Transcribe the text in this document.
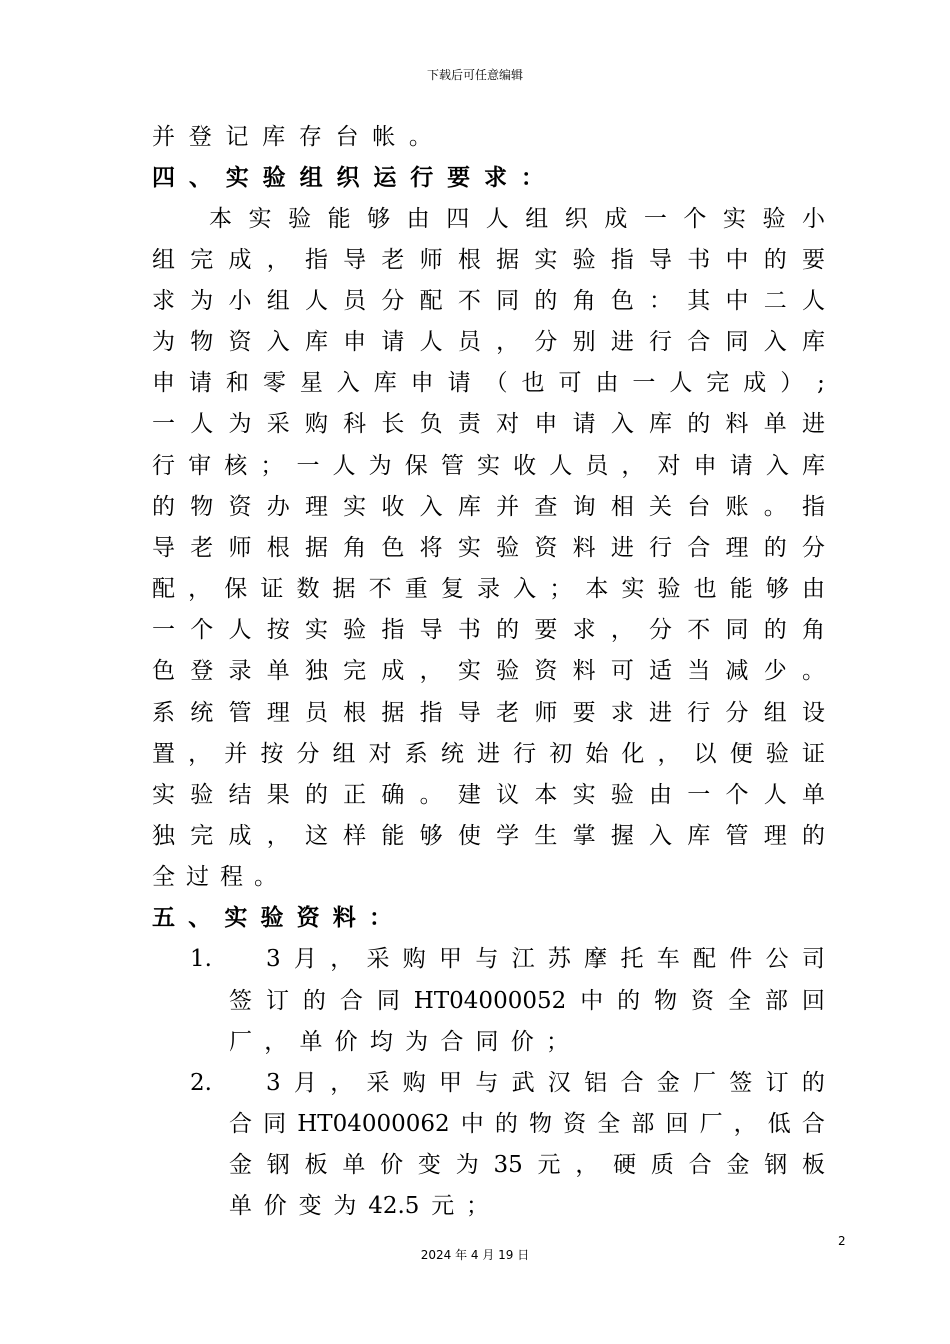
下载后可任意编辑
并 登 记 库 存 台 帐 。
四 、 实 验 组 织 运 行 要 求 ：
本 实 验 能 够 由 四 人 组 织 成 一 个 实 验 小
组 完 成 ， 指 导 老 师 根 据 实 验 指 导 书 中 的 要
求 为 小 组 人 员 分 配 不 同 的 角 色 ： 其 中 二 人
为 物 资 入 库 申 请 人 员 ， 分 别 进 行 合 同 入 库
申 请 和 零 星 入 库 申 请 （ 也 可 由 一 人 完 成 ） ;
一 人 为 采 购 科 长 负 责 对 申 请 入 库 的 料 单 进
行 审 核 ； 一 人 为 保 管 实 收 人 员 ， 对 申 请 入 库
的 物 资 办 理 实 收 入 库 并 查 询 相 关 台 账 。 指
导 老 师 根 据 角 色 将 实 验 资 料 进 行 合 理 的 分
配 ， 保 证 数 据 不 重 复 录 入 ； 本 实 验 也 能 够 由
一 个 人 按 实 验 指 导 书 的 要 求 ， 分 不 同 的 角
色 登 录 单 独 完 成 ， 实 验 资 料 可 适 当 减 少 。
系 统 管 理 员 根 据 指 导 老 师 要 求 进 行 分 组 设
置 ， 并 按 分 组 对 系 统 进 行 初 始 化 ， 以 便 验 证
实 验 结 果 的 正 确 。 建 议 本 实 验 由 一 个 人 单
独 完 成 ， 这 样 能 够 使 学 生 掌 握 入 库 管 理 的
全 过 程 。
五 、 实 验 资 料 ：
1. 3 月 ， 采 购 甲 与 江 苏 摩 托 车 配 件 公 司
签 订 的 合 同 HT04000052 中 的 物 资 全 部 回
厂 ， 单 价 均 为 合 同 价 ；
2. 3 月 ， 采 购 甲 与 武 汉 铝 合 金 厂 签 订 的
合 同 HT04000062 中 的 物 资 全 部 回 厂 ， 低 合
金 钢 板 单 价 变 为 35 元 ， 硬 质 合 金 钢 板
单 价 变 为 42.5 元 ；
2
2024 年 4 月 19 日
